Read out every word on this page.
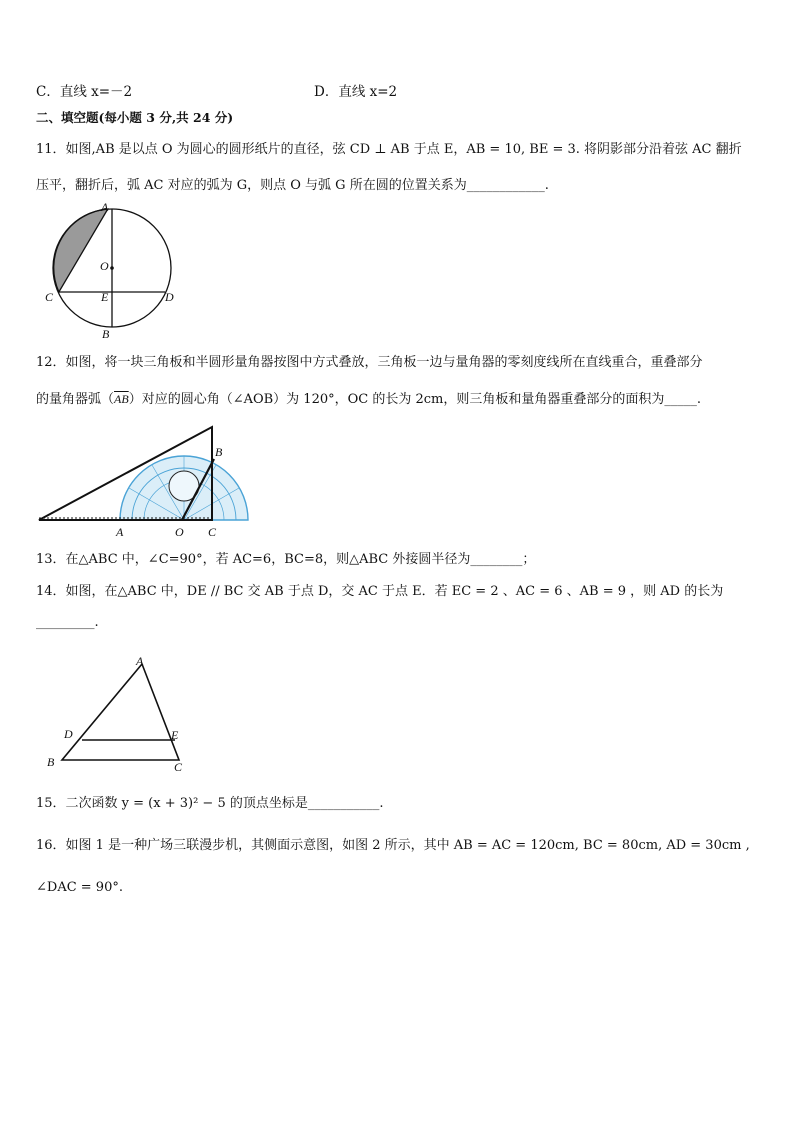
C．直线 x=－2	D．直线 x=2
二、填空题(每小题 3 分,共 24 分)
11．如图,AB 是以点 O 为圆心的圆形纸片的直径，弦 CD ⊥ AB 于点 E，AB = 10, BE = 3. 将阴影部分沿着弦 AC 翻折
压平，翻折后，弧 AC 对应的弧为 G，则点 O 与弧 G 所在圆的位置关系为____________.
A
O
C	E	D
B
12．如图，将一块三角板和半圆形量角器按图中方式叠放，三角板一边与量角器的零刻度线所在直线重合，重叠部分
的量角器弧$(\overline{AB})$对应的圆心角（∠AOB）为 120°，OC 的长为 2cm，则三角板和量角器重叠部分的面积为_____.
B
A	O C
13．在△ABC 中，∠C=90°，若 AC=6，BC=8，则△ABC 外接圆半径为________；
14．如图，在△ABC 中，DE // BC 交 AB 于点 D，交 AC 于点 E．若 EC = 2 、AC = 6 、AB = 9 ，则 AD 的长为
_________.
A
D	E
B	C
15．二次函数 y = (x + 3)² − 5 的顶点坐标是___________.
16．如图 1 是一种广场三联漫步机，其侧面示意图，如图 2 所示，其中 AB = AC = 120cm, BC = 80cm, AD = 30cm ,
∠DAC = 90°.
